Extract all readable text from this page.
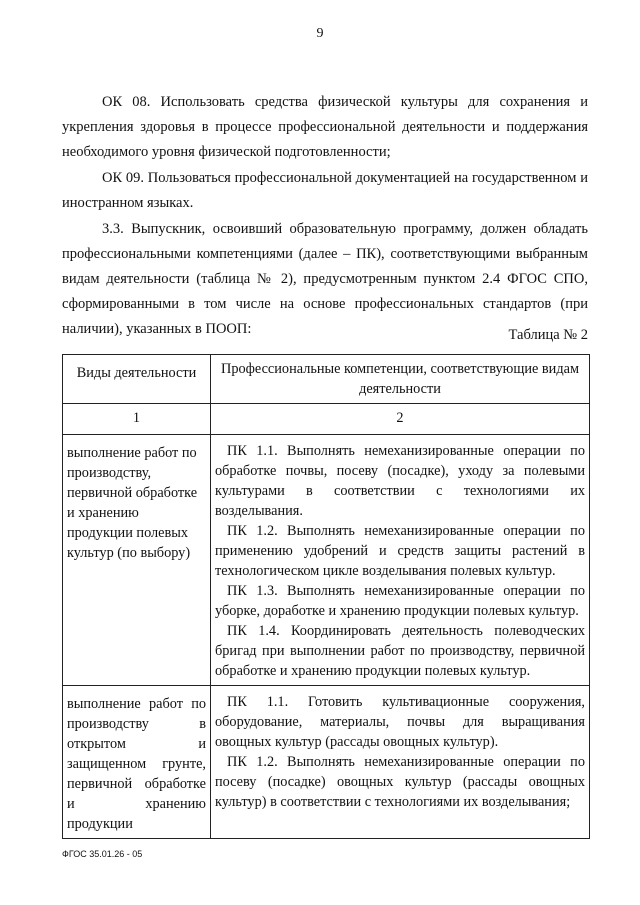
9

ОК 08. Использовать средства физической культуры для сохранения и укрепления здоровья в процессе профессиональной деятельности и поддержания необходимого уровня физической подготовленности;

ОК 09. Пользоваться профессиональной документацией на государственном и иностранном языках.

3.3. Выпускник, освоивший образовательную программу, должен обладать профессиональными компетенциями (далее – ПК), соответствующими выбранным видам деятельности (таблица № 2), предусмотренным пунктом 2.4 ФГОС СПО, сформированными в том числе на основе профессиональных стандартов (при наличии), указанных в ПООП:	Таблица № 2
Виды деятельности	Профессиональные компетенции, соответствующие видам деятельности
1	2
выполнение работ по производству, первичной обработке и хранению продукции полевых культур (по выбору)	ПК 1.1. Выполнять немеханизированные операции по обработке почвы, посеву (посадке), уходу за полевыми культурами в соответствии с технологиями их возделывания.

ПК 1.2. Выполнять немеханизированные операции по применению удобрений и средств защиты растений в технологическом цикле возделывания полевых культур.

ПК 1.3. Выполнять немеханизированные операции по уборке, доработке и хранению продукции полевых культур.

ПК 1.4. Координировать деятельность полеводческих бригад при выполнении работ по производству, первичной обработке и хранению продукции полевых культур.

выполнение работ по производству в открытом и защищенном грунте, первичной обработке и хранению продукции	ПК 1.1. Готовить культивационные сооружения, оборудование, материалы, почвы для выращивания овощных культур (рассады овощных культур).

ПК 1.2. Выполнять немеханизированные операции по посеву (посадке) овощных культур (рассады овощных культур) в соответствии с технологиями их возделывания;

ФГОС 35.01.26 - 05
